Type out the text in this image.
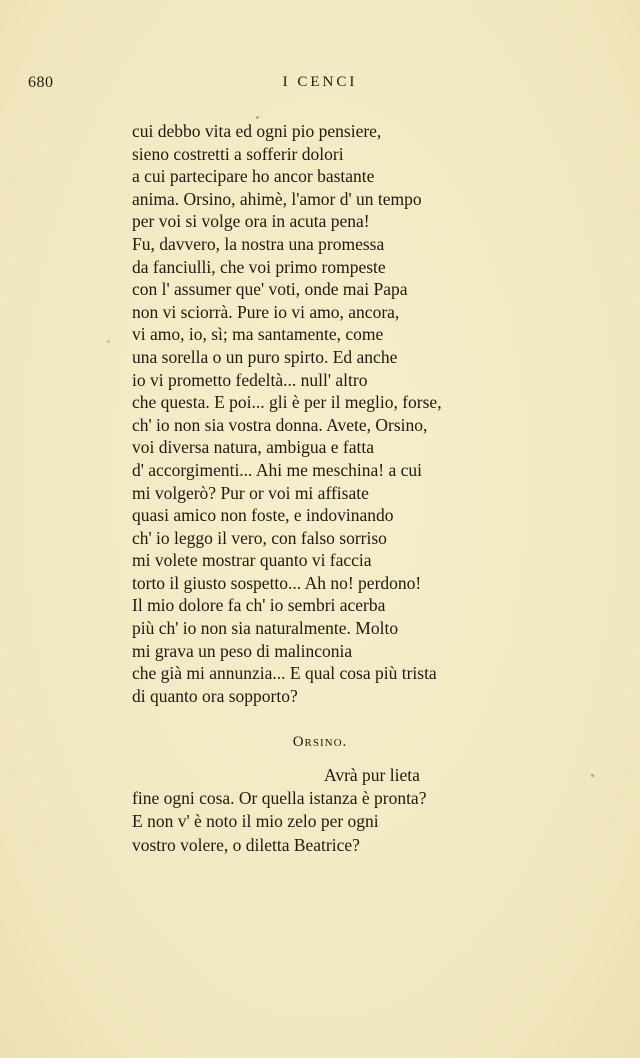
680	I CENCI
cui debbo vita ed ogni pio pensiere,
sieno costretti a sofferir dolori
a cui partecipare ho ancor bastante
anima. Orsino, ahimè, l'amor d' un tempo
per voi si volge ora in acuta pena!
Fu, davvero, la nostra una promessa
da fanciulli, che voi primo rompeste
con l' assumer que' voti, onde mai Papa
non vi sciorrà. Pure io vi amo, ancora,
vi amo, io, sì; ma santamente, come
una sorella o un puro spirto. Ed anche
io vi prometto fedeltà... null' altro
che questa. E poi... gli è per il meglio, forse,
ch' io non sia vostra donna. Avete, Orsino,
voi diversa natura, ambigua e fatta
d' accorgimenti... Ahi me meschina! a cui
mi volgerò? Pur or voi mi affisate
quasi amico non foste, e indovinando
ch' io leggo il vero, con falso sorriso
mi volete mostrar quanto vi faccia
torto il giusto sospetto... Ah no! perdono!
Il mio dolore fa ch' io sembri acerba
più ch' io non sia naturalmente. Molto
mi grava un peso di malinconia
che già mi annunzia... E qual cosa più trista
di quanto ora sopporto?
Orsino.
Avrà pur lieta
fine ogni cosa. Or quella istanza è pronta?
E non v' è noto il mio zelo per ogni
vostro volere, o diletta Beatrice?
